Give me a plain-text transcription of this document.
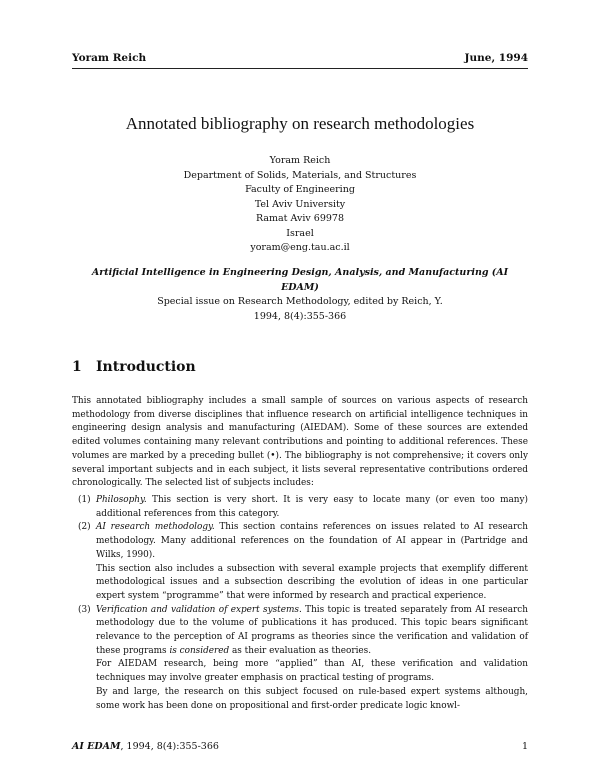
Yoram Reich	June, 1994
Annotated bibliography on research methodologies
Yoram Reich
Department of Solids, Materials, and Structures
Faculty of Engineering
Tel Aviv University
Ramat Aviv 69978
Israel
yoram@eng.tau.ac.il
Artificial Intelligence in Engineering Design, Analysis, and Manufacturing (AI EDAM)
Special issue on Research Methodology, edited by Reich, Y.
1994, 8(4):355-366
1 Introduction

This annotated bibliography includes a small sample of sources on various aspects of research methodology from diverse disciplines that influence research on artificial intelligence techniques in engineering design analysis and manufacturing (AIEDAM). Some of these sources are extended edited volumes containing many relevant contributions and pointing to additional references. These volumes are marked by a preceding bullet (•). The bibliography is not comprehensive; it covers only several important subjects and in each subject, it lists several representative contributions ordered chronologically. The selected list of subjects includes:

(1) Philosophy. This section is very short. It is very easy to locate many (or even too many) additional references from this category.

(2) AI research methodology. This section contains references on issues related to AI research methodology. Many additional references on the foundation of AI appear in (Partridge and Wilks, 1990).

This section also includes a subsection with several example projects that exemplify different methodological issues and a subsection describing the evolution of ideas in one particular expert system “programme” that were informed by research and practical experience.

(3) Verification and validation of expert systems. This topic is treated separately from AI research methodology due to the volume of publications it has produced. This topic bears significant relevance to the perception of AI programs as theories since the verification and validation of these programs is considered as their evaluation as theories.

For AIEDAM research, being more “applied” than AI, these verification and validation techniques may involve greater emphasis on practical testing of programs.

By and large, the research on this subject focused on rule-based expert systems although, some work has been done on propositional and first-order predicate logic knowl-

AI EDAM, 1994, 8(4):355-366	1
